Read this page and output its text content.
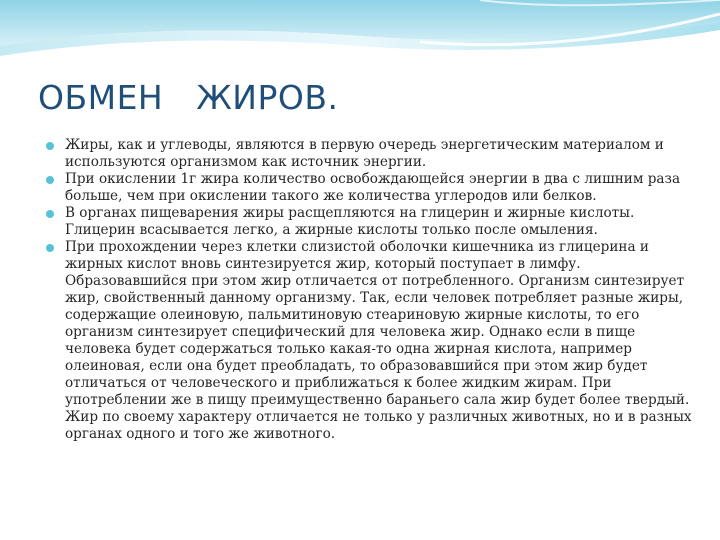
ОБМЕН   ЖИРОВ.
Жиры, как и углеводы, являются в первую очередь энергетическим материалом и используются организмом как источник энергии.
При окислении 1г жира количество освобождающейся энергии в два с лишним раза больше, чем при окислении такого же количества углеродов или белков.
В органах пищеварения жиры расщепляются на глицерин и жирные кислоты. Глицерин всасывается легко, а жирные кислоты только после омыления.
При прохождении через клетки слизистой оболочки кишечника из глицерина и жирных кислот вновь синтезируется жир, который поступает в лимфу. Образовавшийся при этом жир отличается от потребленного. Организм синтезирует жир, свойственный данному организму. Так, если человек потребляет разные жиры, содержащие олеиновую, пальмитиновую стеариновую жирные кислоты, то его организм синтезирует специфический для человека жир. Однако если в пище человека будет содержаться только какая-то одна жирная кислота, например олеиновая, если она будет преобладать, то образовавшийся при этом жир будет отличаться от человеческого и приближаться к более жидким жирам. При употреблении же в пищу преимущественно бараньего сала жир будет более твердый. Жир по своему характеру отличается не только у различных животных, но и в разных органах одного и того же животного.
